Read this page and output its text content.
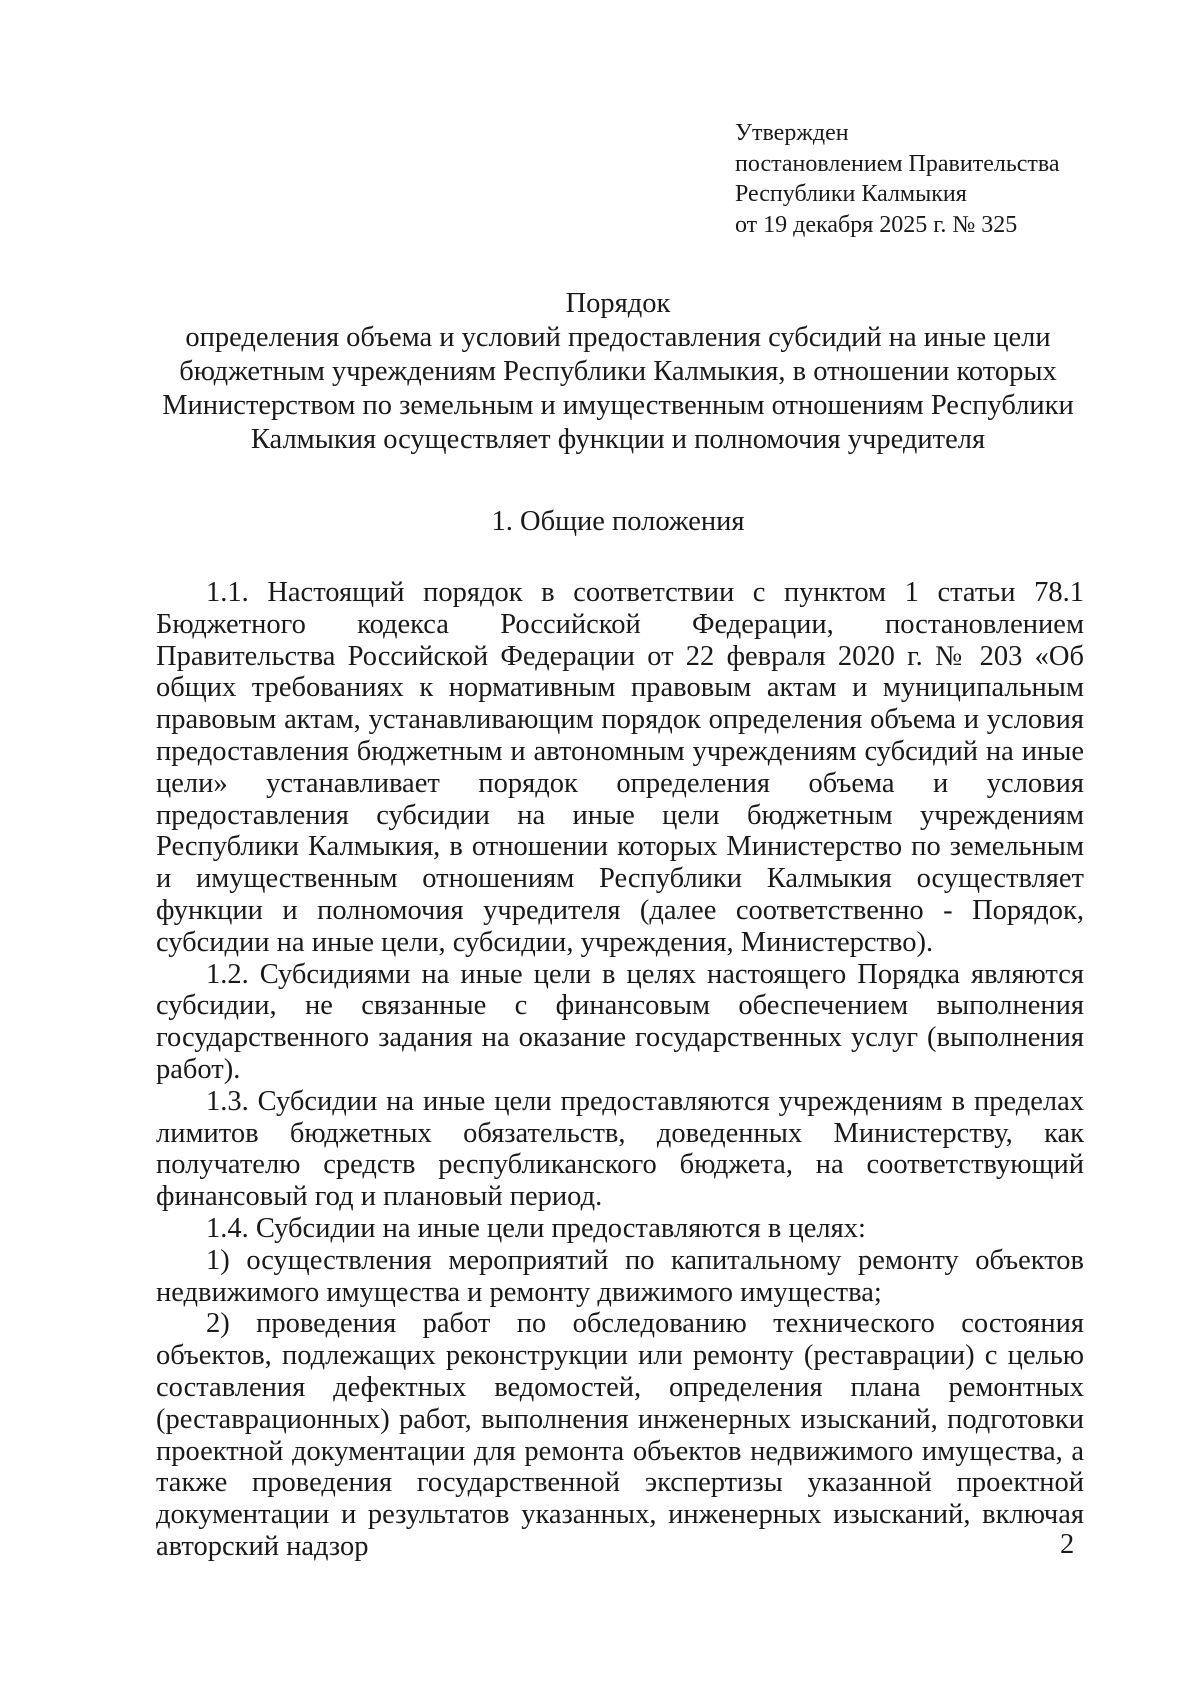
Утвержден
постановлением Правительства
Республики Калмыкия
от 19 декабря 2025 г. № 325
Порядок
определения объема и условий предоставления субсидий на иные цели
бюджетным учреждениям Республики Калмыкия, в отношении которых
Министерством по земельным и имущественным отношениям Республики
Калмыкия осуществляет функции и полномочия учредителя
1. Общие положения

1.1. Настоящий порядок в соответствии с пунктом 1 статьи 78.1 Бюджетного кодекса Российской Федерации, постановлением Правительства Российской Федерации от 22 февраля 2020 г. № 203 «Об общих требованиях к нормативным правовым актам и муниципальным правовым актам, устанавливающим порядок определения объема и условия предоставления бюджетным и автономным учреждениям субсидий на иные цели» устанавливает порядок определения объема и условия предоставления субсидии на иные цели бюджетным учреждениям Республики Калмыкия, в отношении которых Министерство по земельным и имущественным отношениям Республики Калмыкия осуществляет функции и полномочия учредителя (далее соответственно - Порядок, субсидии на иные цели, субсидии, учреждения, Министерство).

1.2. Субсидиями на иные цели в целях настоящего Порядка являются субсидии, не связанные с финансовым обеспечением выполнения государственного задания на оказание государственных услуг (выполнения работ).

1.3. Субсидии на иные цели предоставляются учреждениям в пределах лимитов бюджетных обязательств, доведенных Министерству, как получателю средств республиканского бюджета, на соответствующий финансовый год и плановый период.

1.4. Субсидии на иные цели предоставляются в целях:

1) осуществления мероприятий по капитальному ремонту объектов недвижимого имущества и ремонту движимого имущества;

2) проведения работ по обследованию технического состояния объектов, подлежащих реконструкции или ремонту (реставрации) с целью составления дефектных ведомостей, определения плана ремонтных (реставрационных) работ, выполнения инженерных изысканий, подготовки проектной документации для ремонта объектов недвижимого имущества, а также проведения государственной экспертизы указанной проектной документации и результатов указанных, инженерных изысканий, включая авторский надзор	2
